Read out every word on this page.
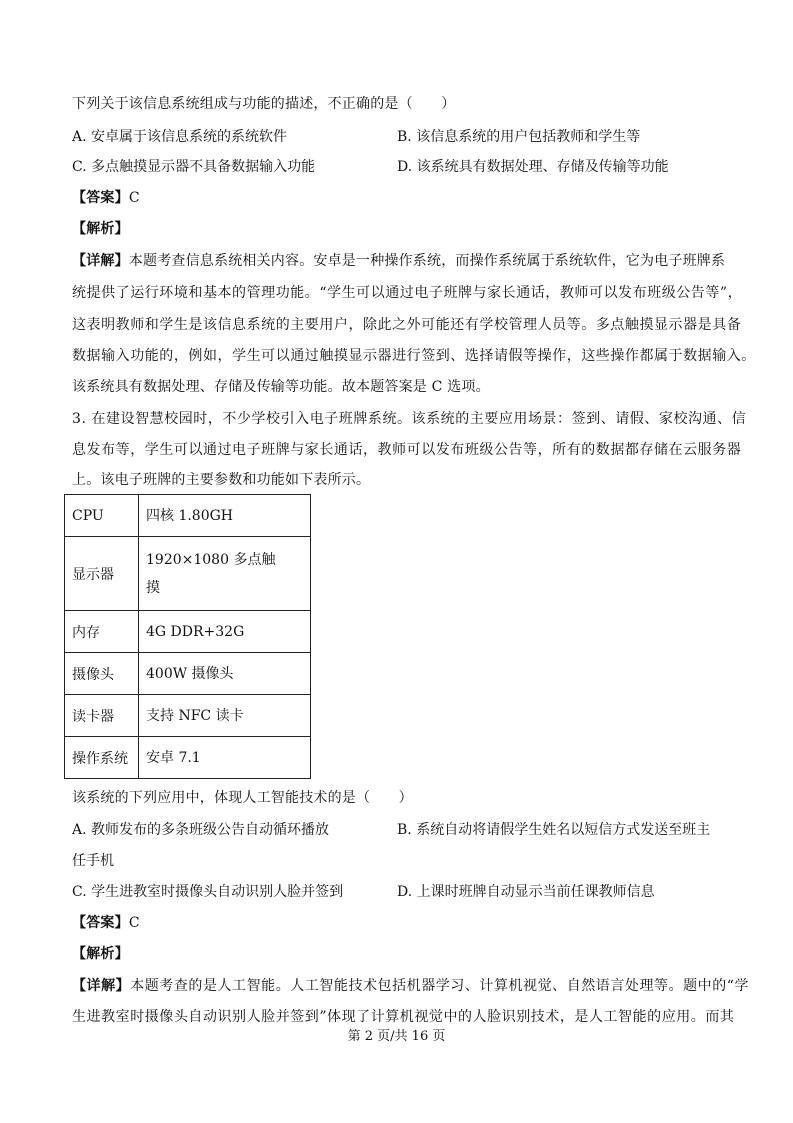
下列关于该信息系统组成与功能的描述，不正确的是（　　）
A. 安卓属于该信息系统的系统软件	B. 该信息系统的用户包括教师和学生等
C. 多点触摸显示器不具备数据输入功能	D. 该系统具有数据处理、存储及传输等功能
【答案】C
【解析】
【详解】本题考查信息系统相关内容。安卓是一种操作系统，而操作系统属于系统软件，它为电子班牌系
统提供了运行环境和基本的管理功能。“学生可以通过电子班牌与家长通话，教师可以发布班级公告等”，
这表明教师和学生是该信息系统的主要用户，除此之外可能还有学校管理人员等。多点触摸显示器是具备
数据输入功能的，例如，学生可以通过触摸显示器进行签到、选择请假等操作，这些操作都属于数据输入。
该系统具有数据处理、存储及传输等功能。故本题答案是 C 选项。
3. 在建设智慧校园时，不少学校引入电子班牌系统。该系统的主要应用场景：签到、请假、家校沟通、信
息发布等，学生可以通过电子班牌与家长通话，教师可以发布班级公告等，所有的数据都存储在云服务器
上。该电子班牌的主要参数和功能如下表所示。
CPU	四核 1.80GH
显示器	1920×1080 多点触摸
内存	4G DDR+32G
摄像头	400W 摄像头
读卡器	支持 NFC 读卡
操作系统	安卓 7.1
该系统的下列应用中，体现人工智能技术的是（　　）
A. 教师发布的多条班级公告自动循环播放	B. 系统自动将请假学生姓名以短信方式发送至班主
任手机
C. 学生进教室时摄像头自动识别人脸并签到	D. 上课时班牌自动显示当前任课教师信息
【答案】C
【解析】
【详解】本题考查的是人工智能。人工智能技术包括机器学习、计算机视觉、自然语言处理等。题中的“学
生进教室时摄像头自动识别人脸并签到”体现了计算机视觉中的人脸识别技术，是人工智能的应用。而其
第 2 页/共 16 页
